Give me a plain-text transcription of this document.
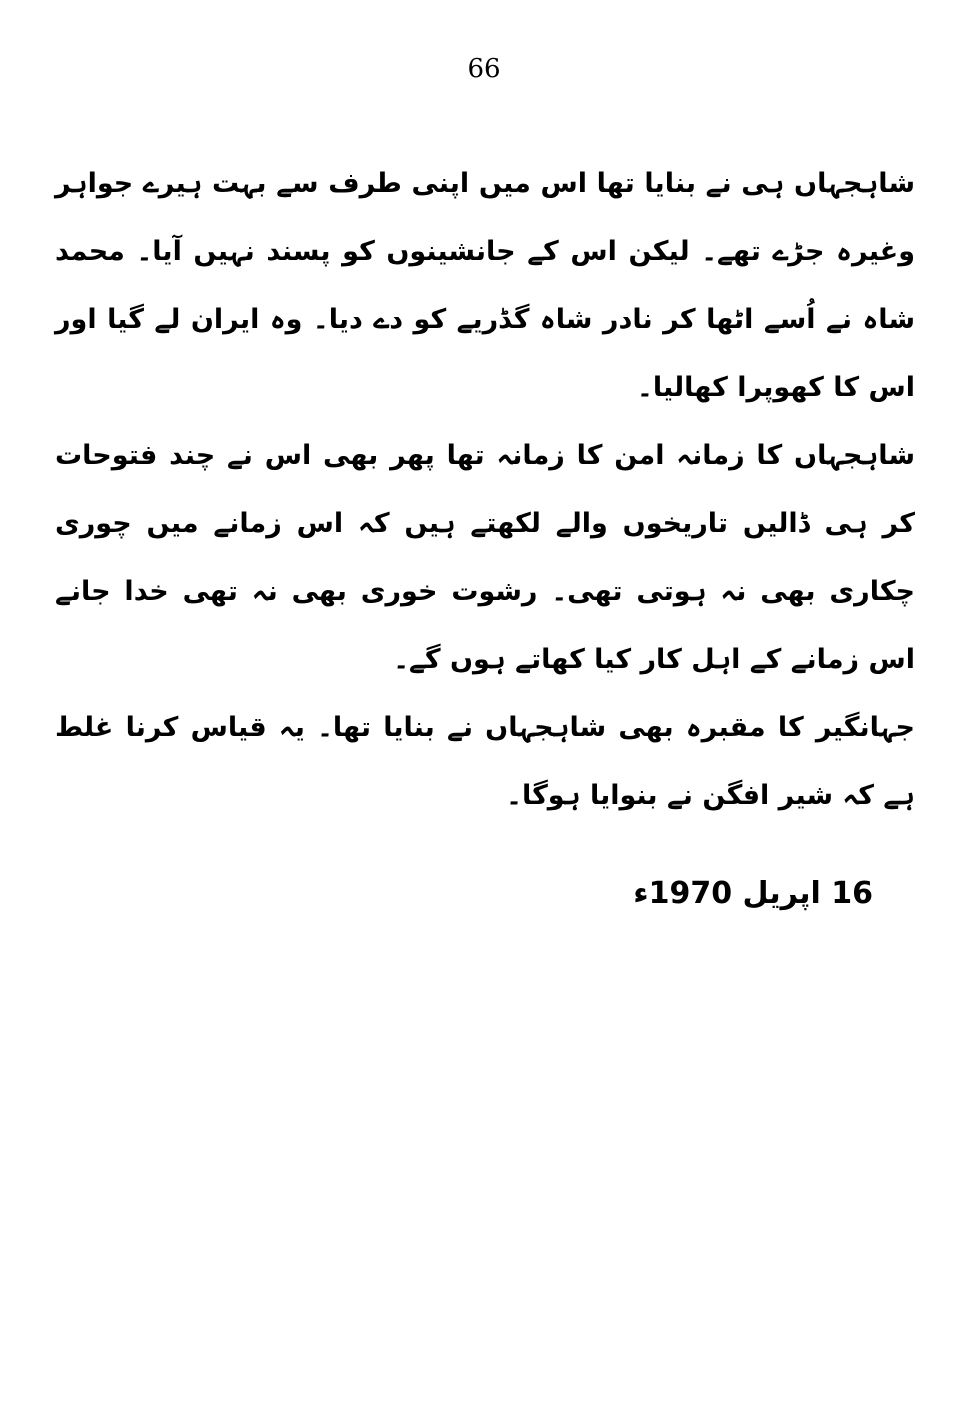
66

شاہجہاں ہی نے بنایا تھا اس میں اپنی طرف سے بہت ہیرے جواہر وغیرہ جڑے تھے۔ لیکن اس کے جانشینوں کو پسند نہیں آیا۔ محمد شاہ نے اُسے اٹھا کر نادر شاہ گڈریے کو دے دیا۔ وہ ایران لے گیا اور اس کا کھوپرا کھالیا۔

شاہجہاں کا زمانہ امن کا زمانہ تھا پھر بھی اس نے چند فتوحات کر ہی ڈالیں تاریخوں والے لکھتے ہیں کہ اس زمانے میں چوری چکاری بھی نہ ہوتی تھی۔ رشوت خوری بھی نہ تھی خدا جانے اس زمانے کے اہل کار کیا کھاتے ہوں گے۔

جہانگیر کا مقبرہ بھی شاہجہاں نے بنایا تھا۔ یہ قیاس کرنا غلط ہے کہ شیر افگن نے بنوایا ہوگا۔

16 اپریل 1970ء
